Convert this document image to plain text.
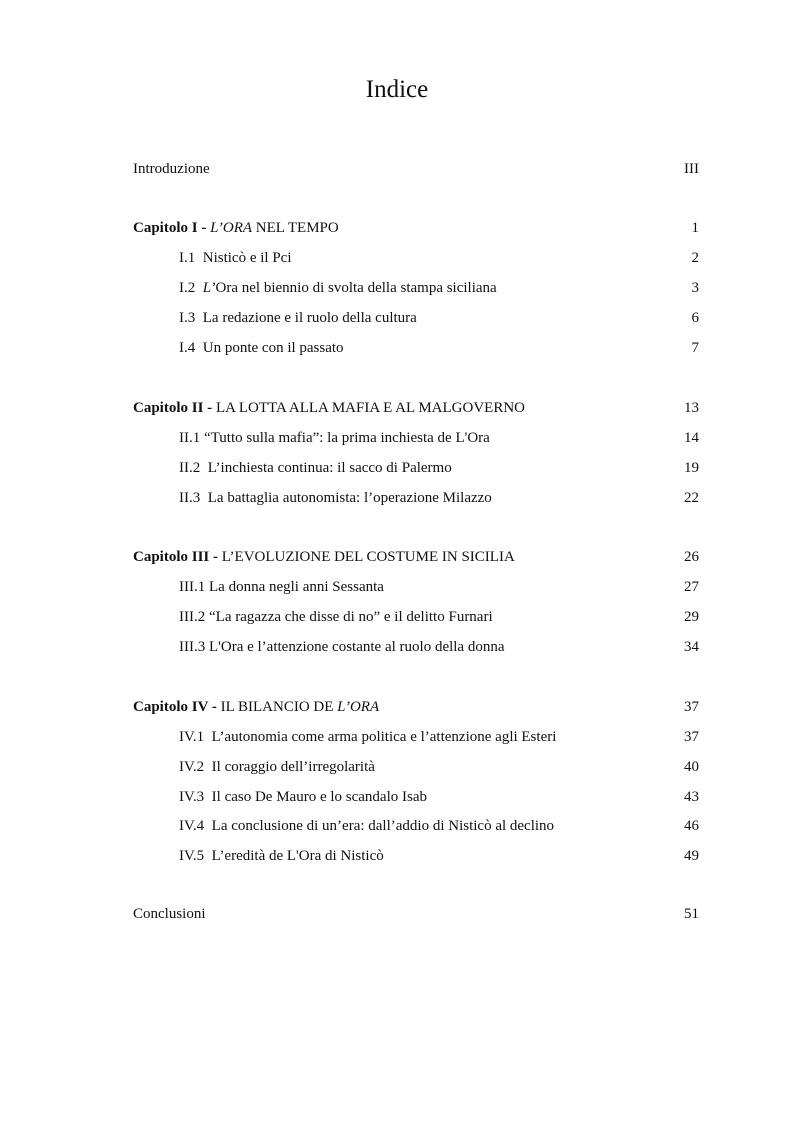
Indice
Introduzione	III
Capitolo I - L’ORA NEL TEMPO	1
I.1 Nisticò e il Pci	2
I.2 L’Ora nel biennio di svolta della stampa siciliana	3
I.3 La redazione e il ruolo della cultura	6
I.4 Un ponte con il passato	7
Capitolo II - LA LOTTA ALLA MAFIA E AL MALGOVERNO	13
II.1 “Tutto sulla mafia”: la prima inchiesta de L'Ora	14
II.2 L’inchiesta continua: il sacco di Palermo	19
II.3 La battaglia autonomista: l’operazione Milazzo	22
Capitolo III - L’EVOLUZIONE DEL COSTUME IN SICILIA	26
III.1 La donna negli anni Sessanta	27
III.2 “La ragazza che disse di no” e il delitto Furnari	29
III.3 L'Ora e l’attenzione costante al ruolo della donna	34
Capitolo IV - IL BILANCIO DE L’ORA	37
IV.1 L’autonomia come arma politica e l’attenzione agli Esteri	37
IV.2 Il coraggio dell’irregolarità	40
IV.3 Il caso De Mauro e lo scandalo Isab	43
IV.4 La conclusione di un’era: dall’addio di Nisticò al declino	46
IV.5 L’eredità de L'Ora di Nisticò	49
Conclusioni	51
